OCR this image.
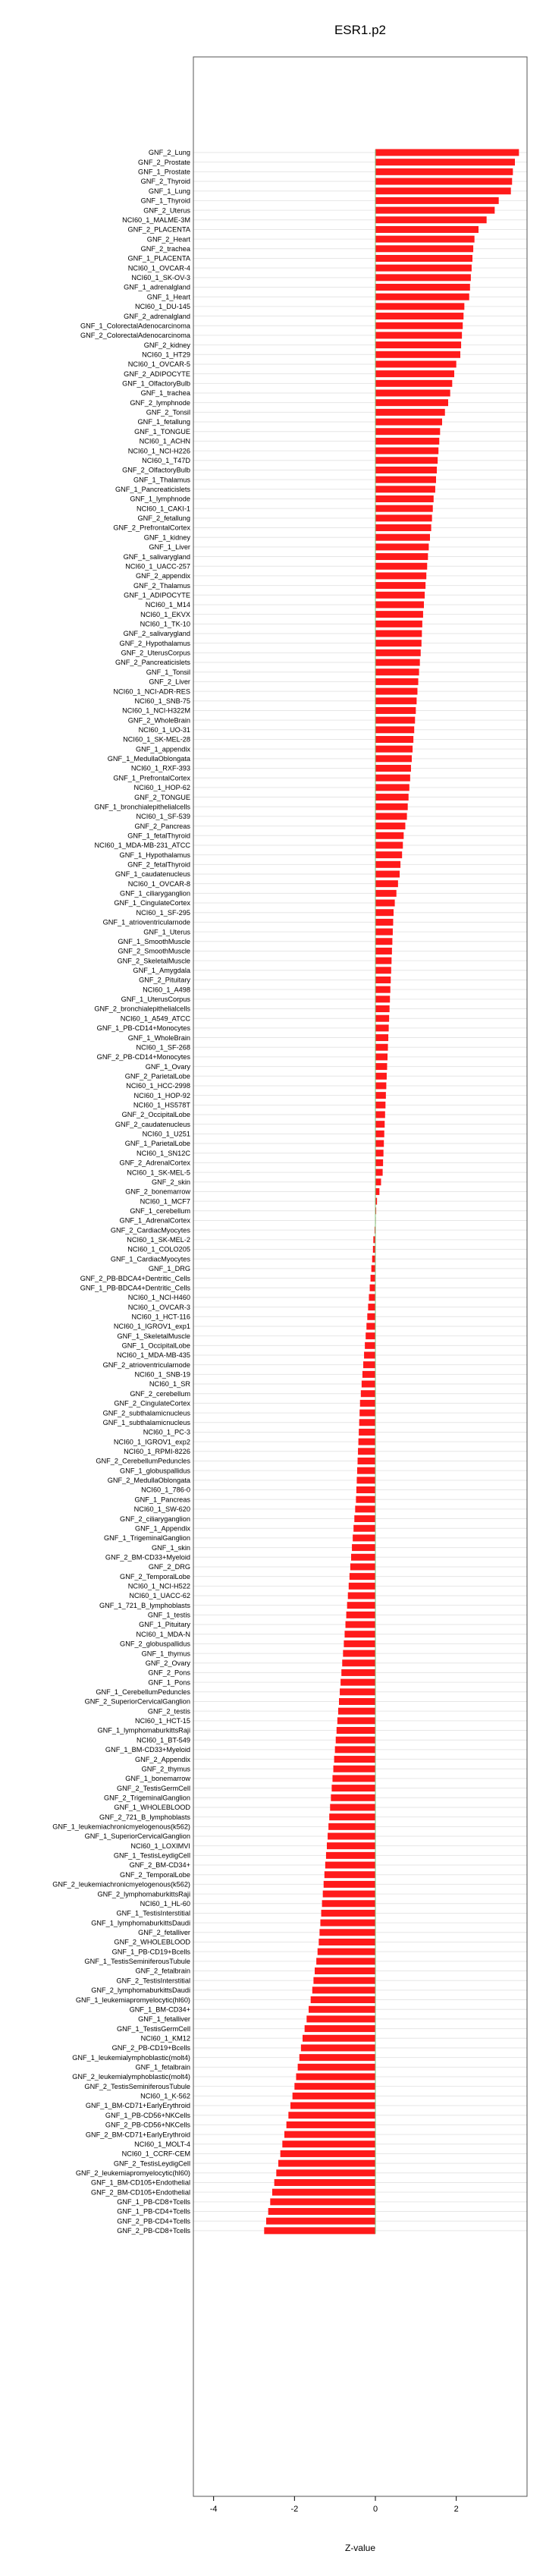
ESR1.p2
GNF_2_Lung
GNF_2_Prostate
GNF_1_Prostate
GNF_2_Thyroid
GNF_1_Lung
GNF_1_Thyroid
GNF_2_Uterus
NCI60_1_MALME-3M
GNF_2_PLACENTA
GNF_2_Heart
GNF_2_trachea
GNF_1_PLACENTA
NCI60_1_OVCAR-4
NCI60_1_SK-OV-3
GNF_1_adrenalgland
GNF_1_Heart
NCI60_1_DU-145
GNF_2_adrenalgland
GNF_1_ColorectalAdenocarcinoma
GNF_2_ColorectalAdenocarcinoma
GNF_2_kidney
NCI60_1_HT29
NCI60_1_OVCAR-5
GNF_2_ADIPOCYTE
GNF_1_OlfactoryBulb
GNF_1_trachea
GNF_2_lymphnode
GNF_2_Tonsil
GNF_1_fetallung
GNF_1_TONGUE
NCI60_1_ACHN
NCI60_1_NCI-H226
NCI60_1_T47D
GNF_2_OlfactoryBulb
GNF_1_Thalamus
GNF_1_Pancreaticislets
GNF_1_lymphnode
NCI60_1_CAKI-1
GNF_2_fetallung
GNF_2_PrefrontalCortex
GNF_1_kidney
GNF_1_Liver
GNF_1_salivarygland
NCI60_1_UACC-257
GNF_2_appendix
GNF_2_Thalamus
GNF_1_ADIPOCYTE
NCI60_1_M14
NCI60_1_EKVX
NCI60_1_TK-10
GNF_2_salivarygland
GNF_2_Hypothalamus
GNF_2_UterusCorpus
GNF_2_Pancreaticislets
GNF_1_Tonsil
GNF_2_Liver
NCI60_1_NCI-ADR-RES
NCI60_1_SNB-75
NCI60_1_NCI-H322M
GNF_2_WholeBrain
NCI60_1_UO-31
NCI60_1_SK-MEL-28
GNF_1_appendix
GNF_1_MedullaOblongata
NCI60_1_RXF-393
GNF_1_PrefrontalCortex
NCI60_1_HOP-62
GNF_2_TONGUE
GNF_1_bronchialepithelialcells
NCI60_1_SF-539
GNF_2_Pancreas
GNF_1_fetalThyroid
NCI60_1_MDA-MB-231_ATCC
GNF_1_Hypothalamus
GNF_2_fetalThyroid
GNF_1_caudatenucleus
NCI60_1_OVCAR-8
GNF_1_ciliaryganglion
GNF_1_CingulateCortex
NCI60_1_SF-295
GNF_1_atrioventricularnode
GNF_1_Uterus
GNF_1_SmoothMuscle
GNF_2_SmoothMuscle
GNF_2_SkeletalMuscle
GNF_1_Amygdala
GNF_2_Pituitary
NCI60_1_A498
GNF_1_UterusCorpus
GNF_2_bronchialepithelialcells
NCI60_1_A549_ATCC
GNF_1_PB-CD14+Monocytes
GNF_1_WholeBrain
NCI60_1_SF-268
GNF_2_PB-CD14+Monocytes
GNF_1_Ovary
GNF_2_ParietalLobe
NCI60_1_HCC-2998
NCI60_1_HOP-92
NCI60_1_HS578T
GNF_2_OccipitalLobe
GNF_2_caudatenucleus
NCI60_1_U251
GNF_1_ParietalLobe
NCI60_1_SN12C
GNF_2_AdrenalCortex
NCI60_1_SK-MEL-5
GNF_2_skin
GNF_2_bonemarrow
NCI60_1_MCF7
GNF_1_cerebellum
GNF_1_AdrenalCortex
GNF_2_CardiacMyocytes
NCI60_1_SK-MEL-2
NCI60_1_COLO205
GNF_1_CardiacMyocytes
GNF_1_DRG
GNF_2_PB-BDCA4+Dentritic_Cells
GNF_1_PB-BDCA4+Dentritic_Cells
NCI60_1_NCI-H460
NCI60_1_OVCAR-3
NCI60_1_HCT-116
NCI60_1_IGROV1_exp1
GNF_1_SkeletalMuscle
GNF_1_OccipitalLobe
NCI60_1_MDA-MB-435
GNF_2_atrioventricularnode
NCI60_1_SNB-19
NCI60_1_SR
GNF_2_cerebellum
GNF_2_CingulateCortex
GNF_2_subthalamicnucleus
GNF_1_subthalamicnucleus
NCI60_1_PC-3
NCI60_1_IGROV1_exp2
NCI60_1_RPMI-8226
GNF_2_CerebellumPeduncles
GNF_1_globuspallidus
GNF_2_MedullaOblongata
NCI60_1_786-0
GNF_1_Pancreas
NCI60_1_SW-620
GNF_2_ciliaryganglion
GNF_1_Appendix
GNF_1_TrigeminalGanglion
GNF_1_skin
GNF_2_BM-CD33+Myeloid
GNF_2_DRG
GNF_2_TemporalLobe
NCI60_1_NCI-H522
NCI60_1_UACC-62
GNF_1_721_B_lymphoblasts
GNF_1_testis
GNF_1_Pituitary
NCI60_1_MDA-N
GNF_2_globuspallidus
GNF_1_thymus
GNF_2_Ovary
GNF_2_Pons
GNF_1_Pons
GNF_1_CerebellumPeduncles
GNF_2_SuperiorCervicalGanglion
GNF_2_testis
NCI60_1_HCT-15
GNF_1_lymphomaburkittsRaji
NCI60_1_BT-549
GNF_1_BM-CD33+Myeloid
GNF_2_Appendix
GNF_2_thymus
GNF_1_bonemarrow
GNF_2_TestisGermCell
GNF_2_TrigeminalGanglion
GNF_1_WHOLEBLOOD
GNF_2_721_B_lymphoblasts
GNF_1_leukemiachronicmyelogenous(k562)
GNF_1_SuperiorCervicalGanglion
NCI60_1_LOXIMVI
GNF_1_TestisLeydigCell
GNF_2_BM-CD34+
GNF_2_TemporalLobe
GNF_2_leukemiachronicmyelogenous(k562)
GNF_2_lymphomaburkittsRaji
NCI60_1_HL-60
GNF_1_TestisInterstitial
GNF_1_lymphomaburkittsDaudi
GNF_2_fetalliver
GNF_2_WHOLEBLOOD
GNF_1_PB-CD19+Bcells
GNF_1_TestisSeminiferousTubule
GNF_2_fetalbrain
GNF_2_TestisInterstitial
GNF_2_lymphomaburkittsDaudi
GNF_1_leukemiapromyelocytic(hl60)
GNF_1_BM-CD34+
GNF_1_fetalliver
GNF_1_TestisGermCell
NCI60_1_KM12
GNF_2_PB-CD19+Bcells
GNF_1_leukemialymphoblastic(molt4)
GNF_1_fetalbrain
GNF_2_leukemialymphoblastic(molt4)
GNF_2_TestisSeminiferousTubule
NCI60_1_K-562
GNF_1_BM-CD71+EarlyErythroid
GNF_1_PB-CD56+NKCells
GNF_2_PB-CD56+NKCells
GNF_2_BM-CD71+EarlyErythroid
NCI60_1_MOLT-4
NCI60_1_CCRF-CEM
GNF_2_TestisLeydigCell
GNF_2_leukemiapromyelocytic(hl60)
GNF_1_BM-CD105+Endothelial
GNF_2_BM-CD105+Endothelial
GNF_1_PB-CD8+Tcells
GNF_1_PB-CD4+Tcells
GNF_2_PB-CD4+Tcells
GNF_2_PB-CD8+Tcells
-4	-2	0	2
Z-value
